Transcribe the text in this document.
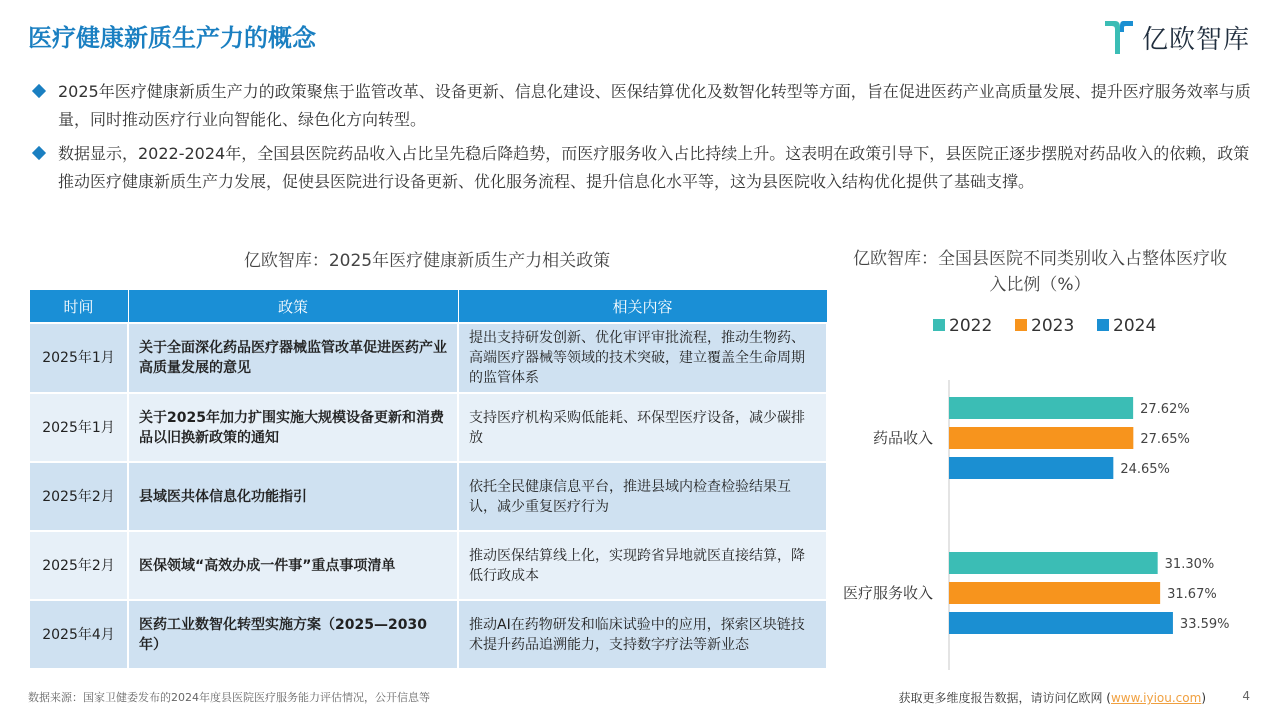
医疗健康新质生产力的概念	亿欧智库
2025年医疗健康新质生产力的政策聚焦于监管改革、设备更新、信息化建设、医保结算优化及数智化转型等方面，旨在促进医药产业高质量发展、提升医疗服务效率与质量，同时推动医疗行业向智能化、绿色化方向转型。
数据显示，2022-2024年，全国县医院药品收入占比呈先稳后降趋势，而医疗服务收入占比持续上升。这表明在政策引导下，县医院正逐步摆脱对药品收入的依赖，政策推动医疗健康新质生产力发展，促使县医院进行设备更新、优化服务流程、提升信息化水平等，这为县医院收入结构优化提供了基础支撑。
亿欧智库：2025年医疗健康新质生产力相关政策
时间	政策	相关内容
2025年1月	关于全面深化药品医疗器械监管改革促进医药产业高质量发展的意见	提出支持研发创新、优化审评审批流程，推动生物药、高端医疗器械等领域的技术突破，建立覆盖全生命周期的监管体系
2025年1月	关于2025年加力扩围实施大规模设备更新和消费品以旧换新政策的通知	支持医疗机构采购低能耗、环保型医疗设备，减少碳排放
2025年2月	县域医共体信息化功能指引	依托全民健康信息平台，推进县域内检查检验结果互认，减少重复医疗行为
2025年2月	医保领域“高效办成一件事”重点事项清单	推动医保结算线上化，实现跨省异地就医直接结算，降低行政成本
2025年4月	医药工业数智化转型实施方案（2025—2030年）	推动AI在药物研发和临床试验中的应用，探索区块链技术提升药品追溯能力，支持数字疗法等新业态
亿欧智库：全国县医院不同类别收入占整体医疗收入比例（%）
2022 2023 2024
27.62%
27.65%
24.65%
药品收入
31.30%
31.67%
33.59%
医疗服务收入
数据来源：国家卫健委发布的2024年度县医院医疗服务能力评估情况，公开信息等	获取更多维度报告数据，请访问亿欧网 (www.iyiou.com)	4
